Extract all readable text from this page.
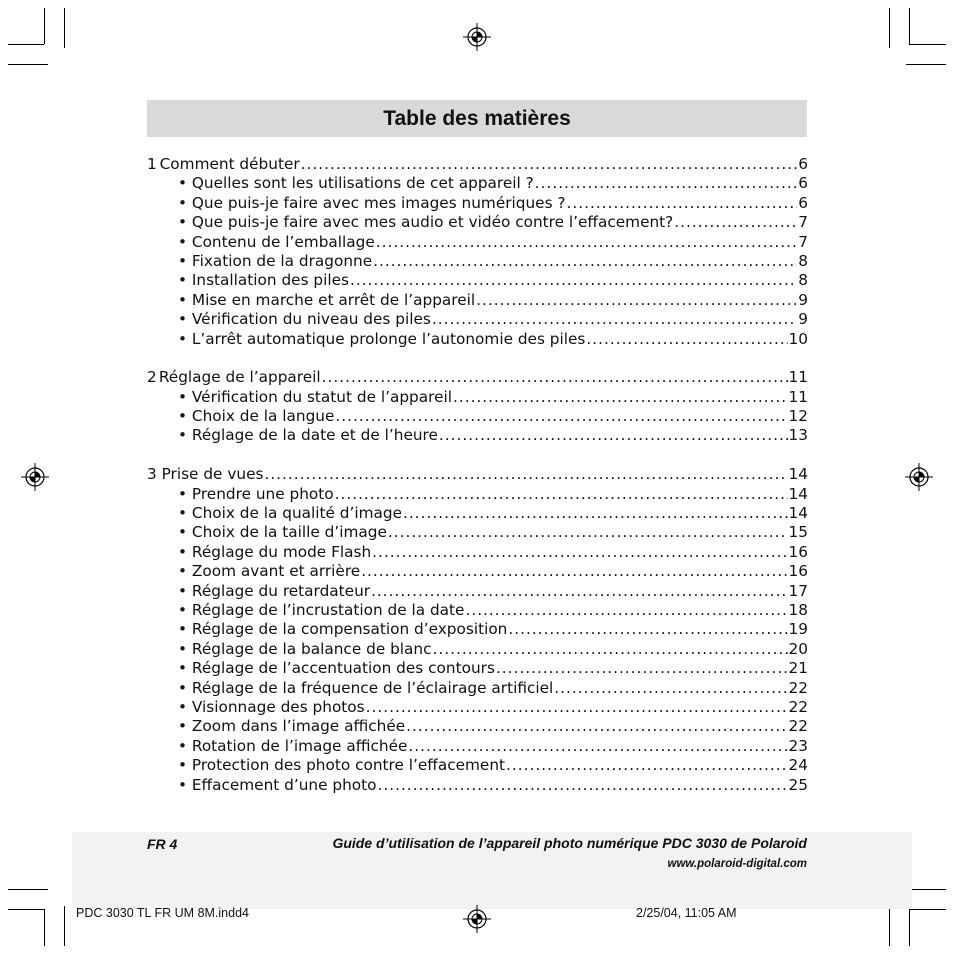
Table des matières
1 Comment débuter .....	6
• Quelles sont les utilisations de cet appareil ? .....	6
• Que puis-je faire avec mes images numériques ? .....	6
• Que puis-je faire avec mes audio et vidéo contre l’effacement? .....	7
• Contenu de l’emballage .....	7
• Fixation de la dragonne .....	8
• Installation des piles .....	8
• Mise en marche et arrêt de l’appareil .....	9
• Vérification du niveau des piles .....	9
• L’arrêt automatique prolonge l’autonomie des piles .....	10
2 Réglage de l’appareil .....	11
• Vérification du statut de l’appareil .....	11
• Choix de la langue .....	12
• Réglage de la date et de l’heure .....	13
3 Prise de vues .....	14
• Prendre une photo .....	14
• Choix de la qualité d’image .....	14
• Choix de la taille d’image .....	15
• Réglage du mode Flash .....	16
• Zoom avant et arrière .....	16
• Réglage du retardateur .....	17
• Réglage de l’incrustation de la date .....	18
• Réglage de la compensation d’exposition .....	19
• Réglage de la balance de blanc .....	20
• Réglage de l’accentuation des contours .....	21
• Réglage de la fréquence de l’éclairage artificiel .....	22
• Visionnage des photos .....	22
• Zoom dans l’image affichée .....	22
• Rotation de l’image affichée .....	23
• Protection des photo contre l’effacement .....	24
• Effacement d’une photo .....	25
FR 4	Guide d’utilisation de l’appareil photo numérique PDC 3030 de Polaroid
www.polaroid-digital.com
PDC 3030 TL FR UM 8M.indd4	2/25/04, 11:05 AM
